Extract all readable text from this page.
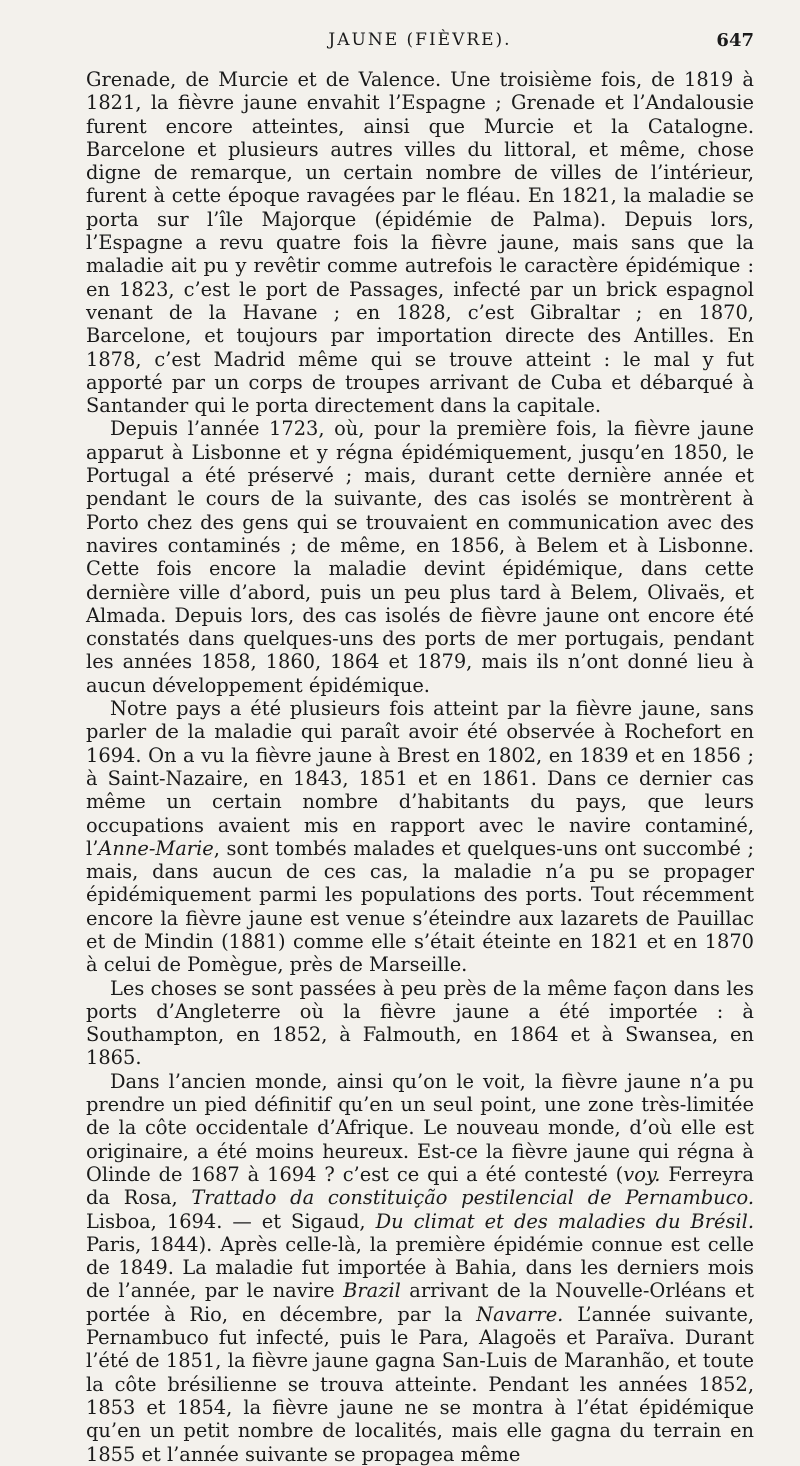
JAUNE (FIÈVRE).	647

Grenade, de Murcie et de Valence. Une troisième fois, de 1819 à 1821, la fièvre jaune envahit l’Espagne ; Grenade et l’Andalousie furent encore atteintes, ainsi que Murcie et la Catalogne. Barcelone et plusieurs autres villes du littoral, et même, chose digne de remarque, un certain nombre de villes de l’intérieur, furent à cette époque ravagées par le fléau. En 1821, la maladie se porta sur l’île Majorque (épidémie de Palma). Depuis lors, l’Espagne a revu quatre fois la fièvre jaune, mais sans que la maladie ait pu y revêtir comme autrefois le caractère épidémique : en 1823, c’est le port de Passages, infecté par un brick espagnol venant de la Havane ; en 1828, c’est Gibraltar ; en 1870, Barcelone, et toujours par importation directe des Antilles. En 1878, c’est Madrid même qui se trouve atteint : le mal y fut apporté par un corps de troupes arrivant de Cuba et débarqué à Santander qui le porta directement dans la capitale.

Depuis l’année 1723, où, pour la première fois, la fièvre jaune apparut à Lisbonne et y régna épidémiquement, jusqu’en 1850, le Portugal a été préservé ; mais, durant cette dernière année et pendant le cours de la suivante, des cas isolés se montrèrent à Porto chez des gens qui se trouvaient en communication avec des navires contaminés ; de même, en 1856, à Belem et à Lisbonne. Cette fois encore la maladie devint épidémique, dans cette dernière ville d’abord, puis un peu plus tard à Belem, Olivaës, et Almada. Depuis lors, des cas isolés de fièvre jaune ont encore été constatés dans quelques-uns des ports de mer portugais, pendant les années 1858, 1860, 1864 et 1879, mais ils n’ont donné lieu à aucun développement épidémique.

Notre pays a été plusieurs fois atteint par la fièvre jaune, sans parler de la maladie qui paraît avoir été observée à Rochefort en 1694. On a vu la fièvre jaune à Brest en 1802, en 1839 et en 1856 ; à Saint-Nazaire, en 1843, 1851 et en 1861. Dans ce dernier cas même un certain nombre d’habitants du pays, que leurs occupations avaient mis en rapport avec le navire contaminé, l’Anne-Marie, sont tombés malades et quelques-uns ont succombé ; mais, dans aucun de ces cas, la maladie n’a pu se propager épidémiquement parmi les populations des ports. Tout récemment encore la fièvre jaune est venue s’éteindre aux lazarets de Pauillac et de Mindin (1881) comme elle s’était éteinte en 1821 et en 1870 à celui de Pomègue, près de Marseille.

Les choses se sont passées à peu près de la même façon dans les ports d’Angleterre où la fièvre jaune a été importée : à Southampton, en 1852, à Falmouth, en 1864 et à Swansea, en 1865.

Dans l’ancien monde, ainsi qu’on le voit, la fièvre jaune n’a pu prendre un pied définitif qu’en un seul point, une zone très-limitée de la côte occidentale d’Afrique. Le nouveau monde, d’où elle est originaire, a été moins heureux. Est-ce la fièvre jaune qui régna à Olinde de 1687 à 1694 ? c’est ce qui a été contesté (voy. Ferreyra da Rosa, Trattado da constituição pestilencial de Pernambuco. Lisboa, 1694. — et Sigaud, Du climat et des maladies du Brésil. Paris, 1844). Après celle-là, la première épidémie connue est celle de 1849. La maladie fut importée à Bahia, dans les derniers mois de l’année, par le navire Brazil arrivant de la Nouvelle-Orléans et portée à Rio, en décembre, par la Navarre. L’année suivante, Pernambuco fut infecté, puis le Para, Alagoës et Paraïva. Durant l’été de 1851, la fièvre jaune gagna San-Luis de Maranhão, et toute la côte brésilienne se trouva atteinte. Pendant les années 1852, 1853 et 1854, la fièvre jaune ne se montra à l’état épidémique qu’en un petit nombre de localités, mais elle gagna du terrain en 1855 et l’année suivante se propagea même
